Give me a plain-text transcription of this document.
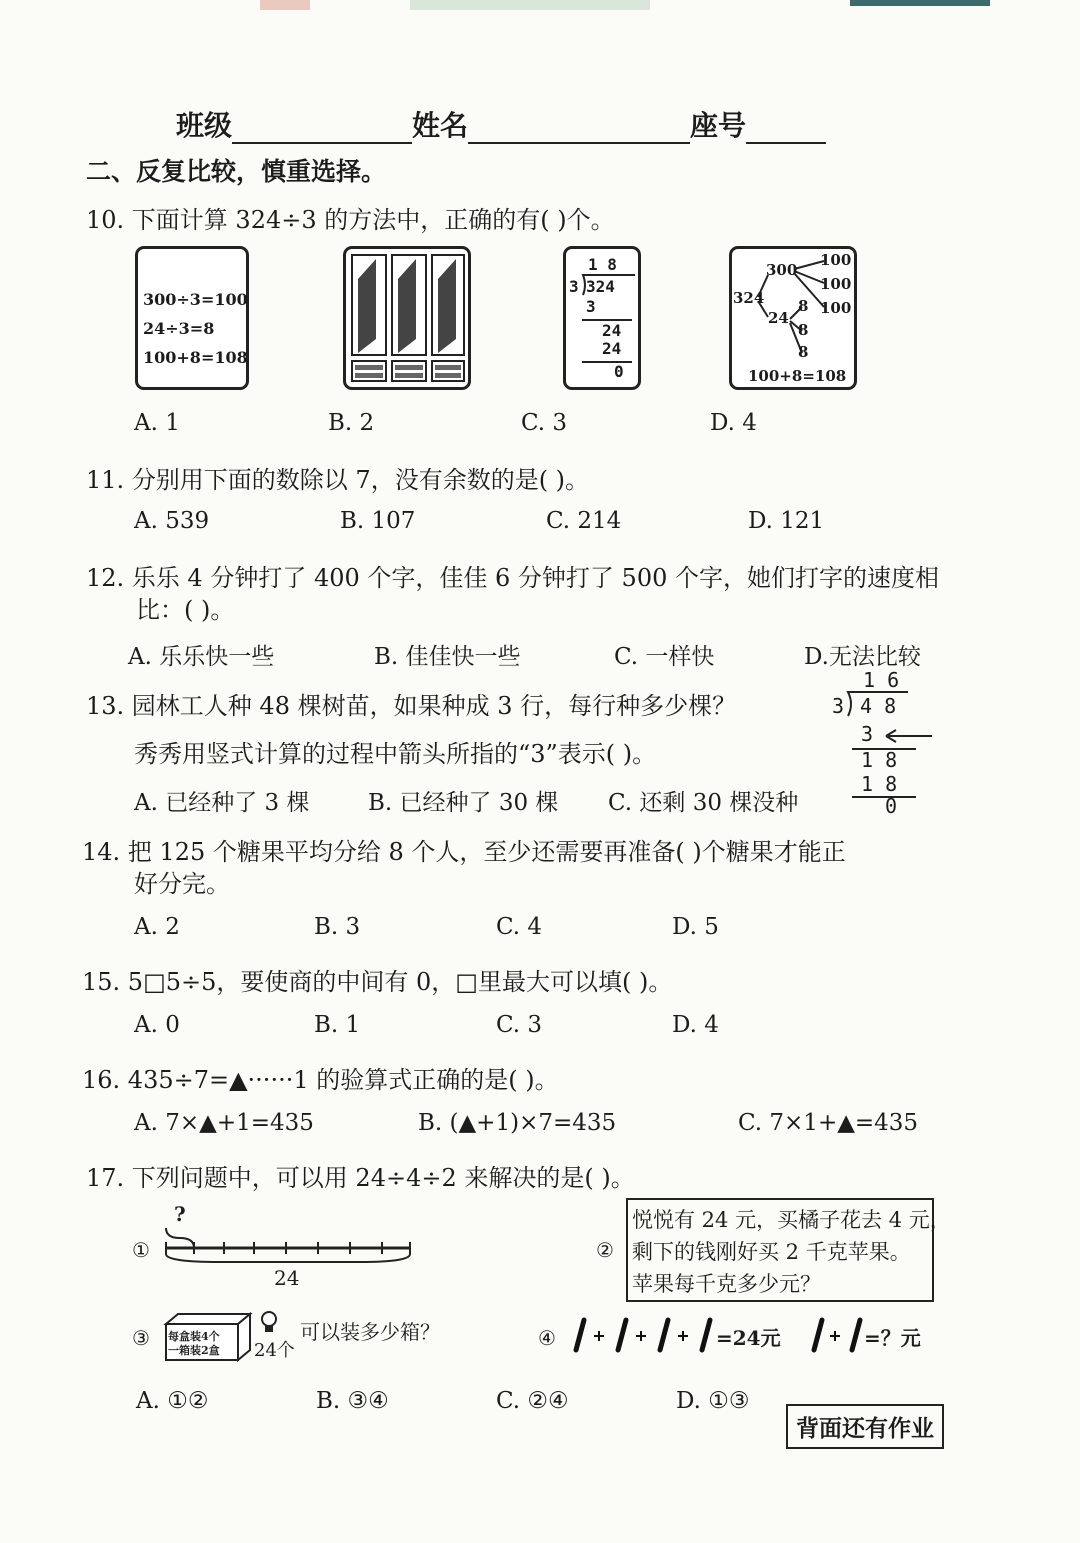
班级	姓名	座号
二、反复比较，慎重选择。
10. 下面计算 324÷3 的方法中，正确的有( )个。
300÷3=100
24÷3=8
100+8=108
1 8
3 324
3
24
24
0
324
300
24
100
100
100
8
8
8
100+8=108
A. 1	B. 2	C. 3	D. 4
11. 分别用下面的数除以 7，没有余数的是( )。
A. 539	B. 107	C. 214	D. 121
12. 乐乐 4 分钟打了 400 个字，佳佳 6 分钟打了 500 个字，她们打字的速度相
比：( )。
A. 乐乐快一些	B. 佳佳快一些	C. 一样快	D.无法比较
13. 园林工人种 48 棵树苗，如果种成 3 行，每行种多少棵？
秀秀用竖式计算的过程中箭头所指的“3”表示( )。
1 6
3 4 8
3
1 8
1 8
0
A. 已经种了 3 棵	B. 已经种了 30 棵 C. 还剩 30 棵没种
14. 把 125 个糖果平均分给 8 个人，至少还需要再准备( )个糖果才能正
好分完。
A. 2	B. 3	C. 4	D. 5
15. 5□5÷5，要使商的中间有 0，□里最大可以填( )。
A. 0	B. 1	C. 3	D. 4
16. 435÷7=▲······1 的验算式正确的是( )。
A. 7×▲+1=435	B. (▲+1)×7=435	C. 7×1+▲=435
17. 下列问题中，可以用 24÷4÷2 来解决的是( )。
①
?
24
②
悦悦有 24 元，买橘子花去 4 元，
剩下的钱刚好买 2 千克苹果。
苹果每千克多少元？
③ 每盒装4个
一箱装2盒 24个
可以装多少箱？	④	=24元	=？元
A. ①②	B. ③④	C. ②④	D. ①③
背面还有作业
